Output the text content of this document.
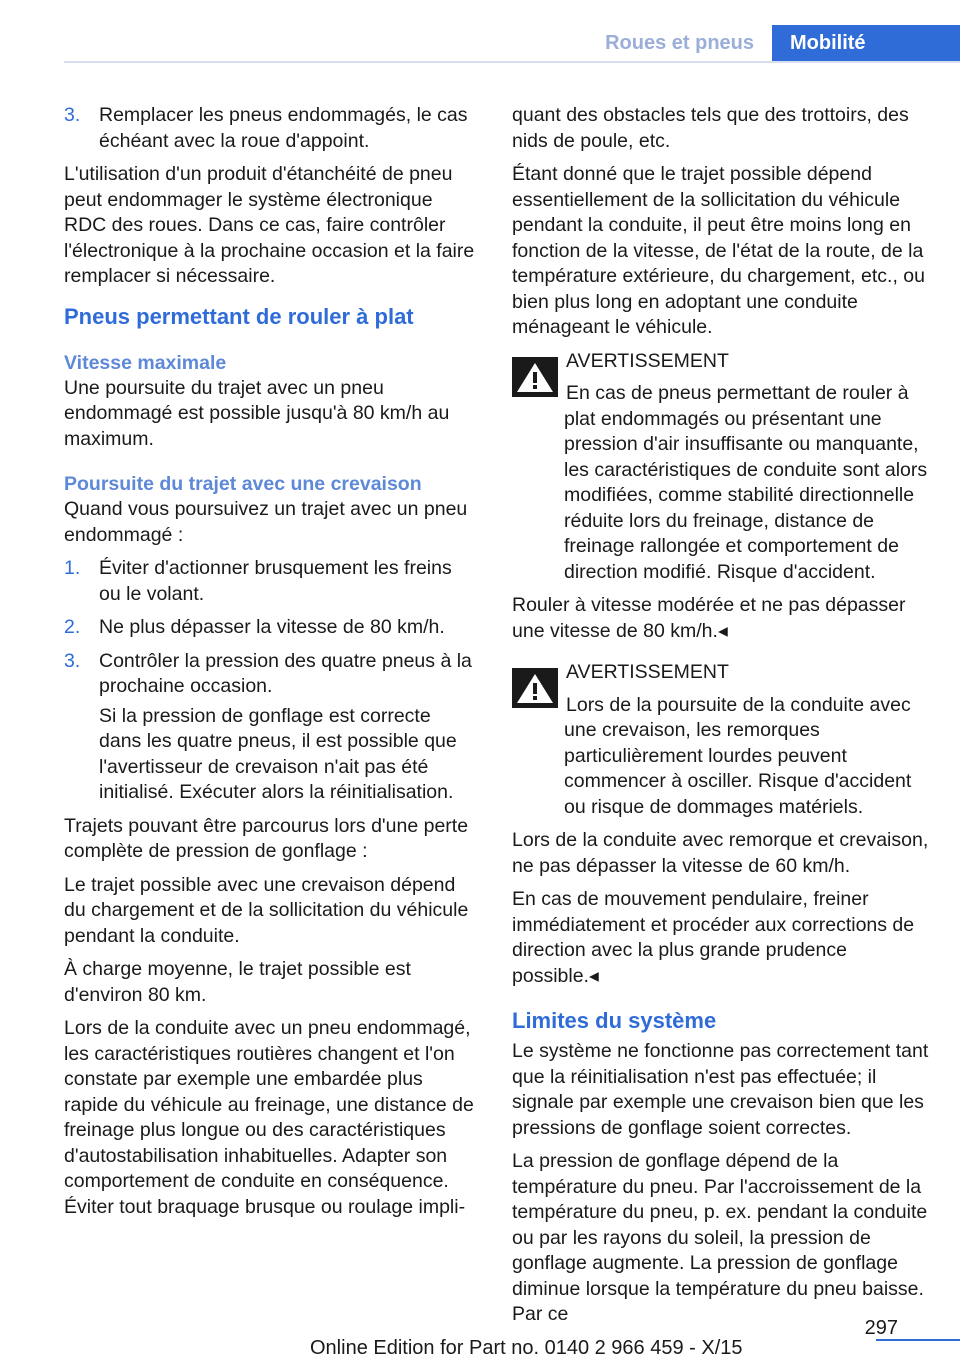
Roues et pneus	Mobilité
3. Remplacer les pneus endommagés, le cas échéant avec la roue d'appoint.

L'utilisation d'un produit d'étanchéité de pneu peut endommager le système électronique RDC des roues. Dans ce cas, faire contrôler l'électronique à la prochaine occasion et la faire remplacer si nécessaire.

Pneus permettant de rouler à plat
Vitesse maximale

Une poursuite du trajet avec un pneu endommagé est possible jusqu'à 80 km/h au maximum.

Poursuite du trajet avec une crevaison

Quand vous poursuivez un trajet avec un pneu endommagé :

1. Éviter d'actionner brusquement les freins ou le volant.
2. Ne plus dépasser la vitesse de 80 km/h.
3. Contrôler la pression des quatre pneus à la prochaine occasion.
Si la pression de gonflage est correcte dans les quatre pneus, il est possible que l'avertisseur de crevaison n'ait pas été initialisé. Exécuter alors la réinitialisation.

Trajets pouvant être parcourus lors d'une perte complète de pression de gonflage :

Le trajet possible avec une crevaison dépend du chargement et de la sollicitation du véhicule pendant la conduite.

À charge moyenne, le trajet possible est d'environ 80 km.

Lors de la conduite avec un pneu endommagé, les caractéristiques routières changent et l'on constate par exemple une embardée plus rapide du véhicule au freinage, une distance de freinage plus longue ou des caractéristiques d'autostabilisation inhabituelles. Adapter son comportement de conduite en conséquence. Éviter tout braquage brusque ou roulage impli-

quant des obstacles tels que des trottoirs, des nids de poule, etc.

Étant donné que le trajet possible dépend essentiellement de la sollicitation du véhicule pendant la conduite, il peut être moins long en fonction de la vitesse, de l'état de la route, de la température extérieure, du chargement, etc., ou bien plus long en adoptant une conduite ménageant le véhicule.

AVERTISSEMENT
En cas de pneus permettant de rouler à plat endommagés ou présentant une pression d'air insuffisante ou manquante, les caractéristiques de conduite sont alors modifiées, comme stabilité directionnelle réduite lors du freinage, distance de freinage rallongée et comportement de direction modifié. Risque d'accident.

Rouler à vitesse modérée et ne pas dépasser une vitesse de 80 km/h.◂

AVERTISSEMENT
Lors de la poursuite de la conduite avec une crevaison, les remorques particulièrement lourdes peuvent commencer à osciller. Risque d'accident ou risque de dommages matériels.

Lors de la conduite avec remorque et crevaison, ne pas dépasser la vitesse de 60 km/h.

En cas de mouvement pendulaire, freiner immédiatement et procéder aux corrections de direction avec la plus grande prudence possible.◂

Limites du système

Le système ne fonctionne pas correctement tant que la réinitialisation n'est pas effectuée; il signale par exemple une crevaison bien que les pressions de gonflage soient correctes.

La pression de gonflage dépend de la température du pneu. Par l'accroissement de la température du pneu, p. ex. pendant la conduite ou par les rayons du soleil, la pression de gonflage augmente. La pression de gonflage diminue lorsque la température du pneu baisse. Par ce

297
Online Edition for Part no. 0140 2 966 459 - X/15
